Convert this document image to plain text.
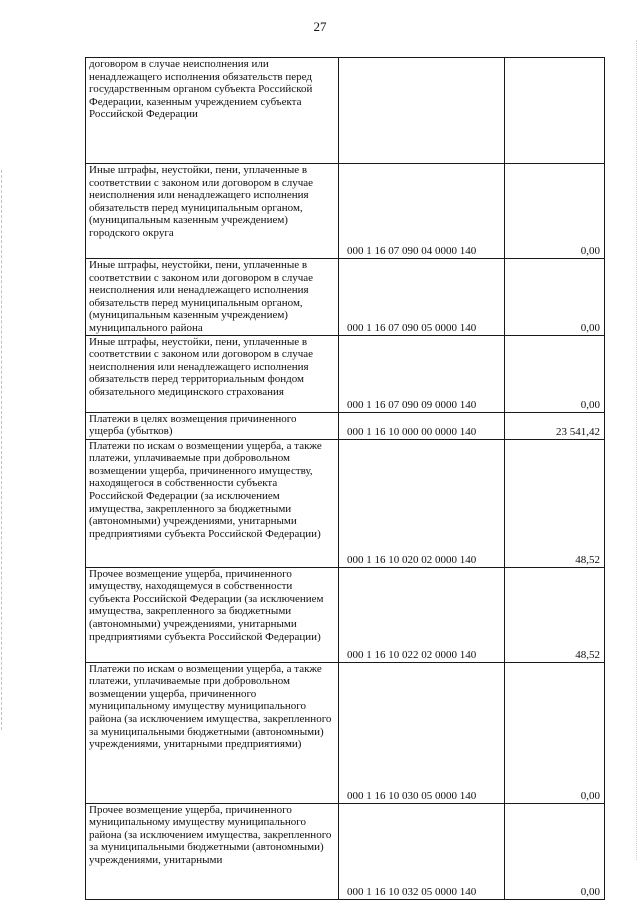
27
договором в случае неисполнения или ненадлежащего исполнения обязательств перед государственным органом субъекта Российской Федерации, казенным учреждением субъекта Российской Федерации		
Иные штрафы, неустойки, пени, уплаченные в соответствии с законом или договором в случае неисполнения или ненадлежащего исполнения обязательств перед муниципальным органом, (муниципальным казенным учреждением) городского округа	000 1 16 07 090 04 0000 140	0,00
Иные штрафы, неустойки, пени, уплаченные в соответствии с законом или договором в случае неисполнения или ненадлежащего исполнения обязательств перед муниципальным органом, (муниципальным казенным учреждением) муниципального района	000 1 16 07 090 05 0000 140	0,00
Иные штрафы, неустойки, пени, уплаченные в соответствии с законом или договором в случае неисполнения или ненадлежащего исполнения обязательств перед территориальным фондом обязательного медицинского страхования	000 1 16 07 090 09 0000 140	0,00
Платежи в целях возмещения причиненного ущерба (убытков)	000 1 16 10 000 00 0000 140	23 541,42
Платежи по искам о возмещении ущерба, а также платежи, уплачиваемые при добровольном возмещении ущерба, причиненного имуществу, находящегося в собственности субъекта Российской Федерации (за исключением имущества, закрепленного за бюджетными (автономными) учреждениями, унитарными предприятиями субъекта Российской Федерации)	000 1 16 10 020 02 0000 140	48,52
Прочее возмещение ущерба, причиненного имуществу, находящемуся в собственности субъекта Российской Федерации (за исключением имущества, закрепленного за бюджетными (автономными) учреждениями, унитарными предприятиями субъекта Российской Федерации)	000 1 16 10 022 02 0000 140	48,52
Платежи по искам о возмещении ущерба, а также платежи, уплачиваемые при добровольном возмещении ущерба, причиненного муниципальному имуществу муниципального района (за исключением имущества, закрепленного за муниципальными бюджетными (автономными) учреждениями, унитарными предприятиями)	000 1 16 10 030 05 0000 140	0,00
Прочее возмещение ущерба, причиненного муниципальному имуществу муниципального района (за исключением имущества, закрепленного за муниципальными бюджетными (автономными) учреждениями, унитарными	000 1 16 10 032 05 0000 140	0,00
